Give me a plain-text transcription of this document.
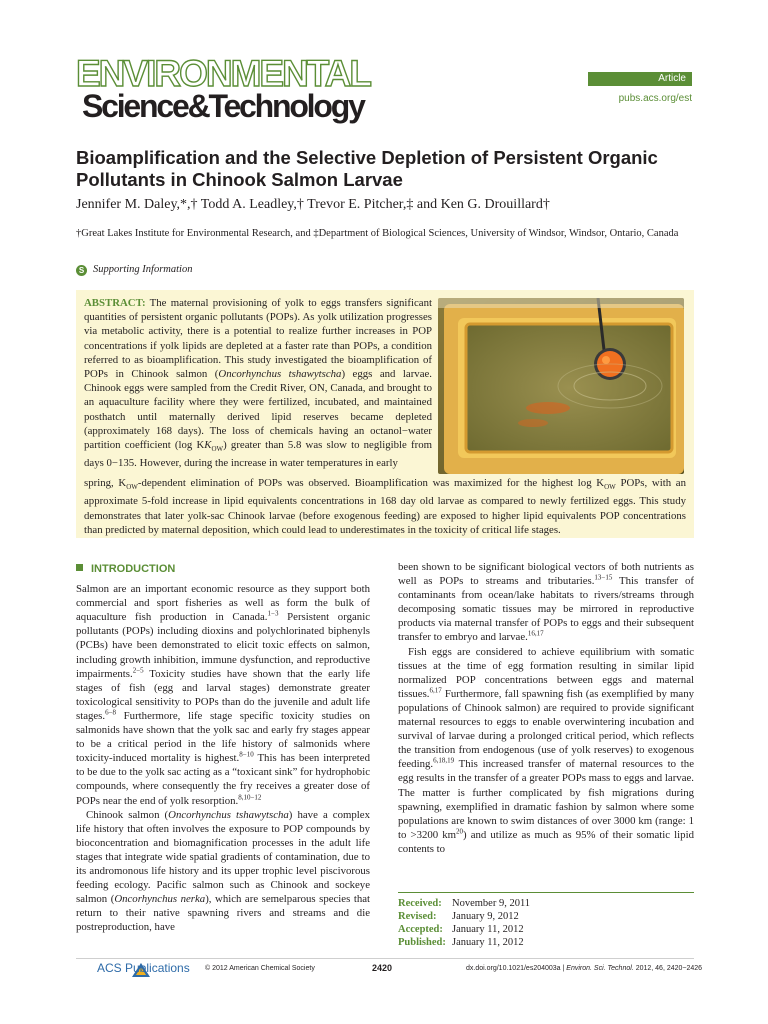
ENVIRONMENTAL
Science&Technology
Article
pubs.acs.org/est
Bioamplification and the Selective Depletion of Persistent Organic Pollutants in Chinook Salmon Larvae
Jennifer M. Daley,*,† Todd A. Leadley,† Trevor E. Pitcher,‡ and Ken G. Drouillard†
†Great Lakes Institute for Environmental Research, and ‡Department of Biological Sciences, University of Windsor, Windsor, Ontario, Canada
S Supporting Information
ABSTRACT: The maternal provisioning of yolk to eggs transfers significant quantities of persistent organic pollutants (POPs). As yolk utilization progresses via metabolic activity, there is a potential to realize further increases in POP concentrations if yolk lipids are depleted at a faster rate than POPs, a condition referred to as bioamplification. This study investigated the bioamplification of POPs in Chinook salmon (Oncorhynchus tshawytscha) eggs and larvae. Chinook eggs were sampled from the Credit River, ON, Canada, and brought to an aquaculture facility where they were fertilized, incubated, and maintained posthatch until maternally derived lipid reserves became depleted (approximately 168 days). The loss of chemicals having an octanol−water partition coefficient (log $KK_{OW}$) greater than 5.8 was slow to negligible from days 0−135. However, during the increase in water temperatures in early
spring, $K_{OW}$-dependent elimination of POPs was observed. Bioamplification was maximized for the highest $\log K_{OW}$ POPs, with an approximate 5-fold increase in lipid equivalents concentrations in 168 day old larvae as compared to newly fertilized eggs. This study demonstrates that later yolk-sac Chinook larvae (before exogenous feeding) are exposed to higher lipid equivalents POP concentrations than predicted by maternal deposition, which could lead to underestimates in the toxicity of critical life stages.
INTRODUCTION

Salmon are an important economic resource as they support both commercial and sport fisheries as well as form the bulk of aquaculture fish production in Canada.$^{1-3}$ Persistent organic pollutants (POPs) including dioxins and polychlorinated biphenyls (PCBs) have been demonstrated to elicit toxic effects on salmon, including growth inhibition, immune dysfunction, and reproductive impairments.$^{2-5}$ Toxicity studies have shown that the early life stages of fish (egg and larval stages) demonstrate greater toxicological sensitivity to POPs than do the juvenile and adult life stages.$^{6-8}$ Furthermore, life stage specific toxicity studies on salmonids have shown that the yolk sac and early fry stages appear to be a critical period in the life history of salmonids where toxicity-induced mortality is highest.$^{8-10}$ This has been interpreted to be due to the yolk sac acting as a “toxicant sink” for hydrophobic compounds, where consequently the fry receives a greater dose of POPs near the end of yolk resorption.$^{8,10-12}$

Chinook salmon (Oncorhynchus tshawytscha) have a complex life history that often involves the exposure to POP compounds by bioconcentration and biomagnification processes in the adult life stages that integrate wide spatial gradients of contamination, due to its andromonous life history and its upper trophic level piscivorous feeding ecology. Pacific salmon such as Chinook and sockeye salmon (Oncorhynchus nerka), which are semelparous species that return to their native spawning rivers and streams and die postreproduction, have

been shown to be significant biological vectors of both nutrients as well as POPs to streams and tributaries.$^{13-15}$ This transfer of contaminants from ocean/lake habitats to rivers/streams through decomposing somatic tissues may be mirrored in reproductive products via maternal transfer of POPs to eggs and their subsequent transfer to embryo and larvae.$^{16,17}$

Fish eggs are considered to achieve equilibrium with somatic tissues at the time of egg formation resulting in similar lipid normalized POP concentrations between eggs and maternal tissues.$^{6,17}$ Furthermore, fall spawning fish (as exemplified by many populations of Chinook salmon) are required to provide significant maternal resources to eggs to enable overwintering incubation and survival of larvae during a prolonged critical period, which reflects the transition from endogenous (use of yolk reserves) to exogenous feeding.$^{6,18,19}$ This increased transfer of maternal resources to the egg results in the transfer of a greater POPs mass to eggs and larvae. The matter is further complicated by fish migrations during spawning, exemplified in dramatic fashion by salmon where some populations are known to swim distances of over 3000 km (range: 1 to >3200 $km^{20}$) and utilize as much as 95% of their somatic lipid contents to

Received:	November 9, 2011
Revised:	January 9, 2012
Accepted:	January 11, 2012
Published:	January 11, 2012
ACS Publications © 2012 American Chemical Society	2420	dx.doi.org/10.1021/es204003a | Environ. Sci. Technol. 2012, 46, 2420−2426
